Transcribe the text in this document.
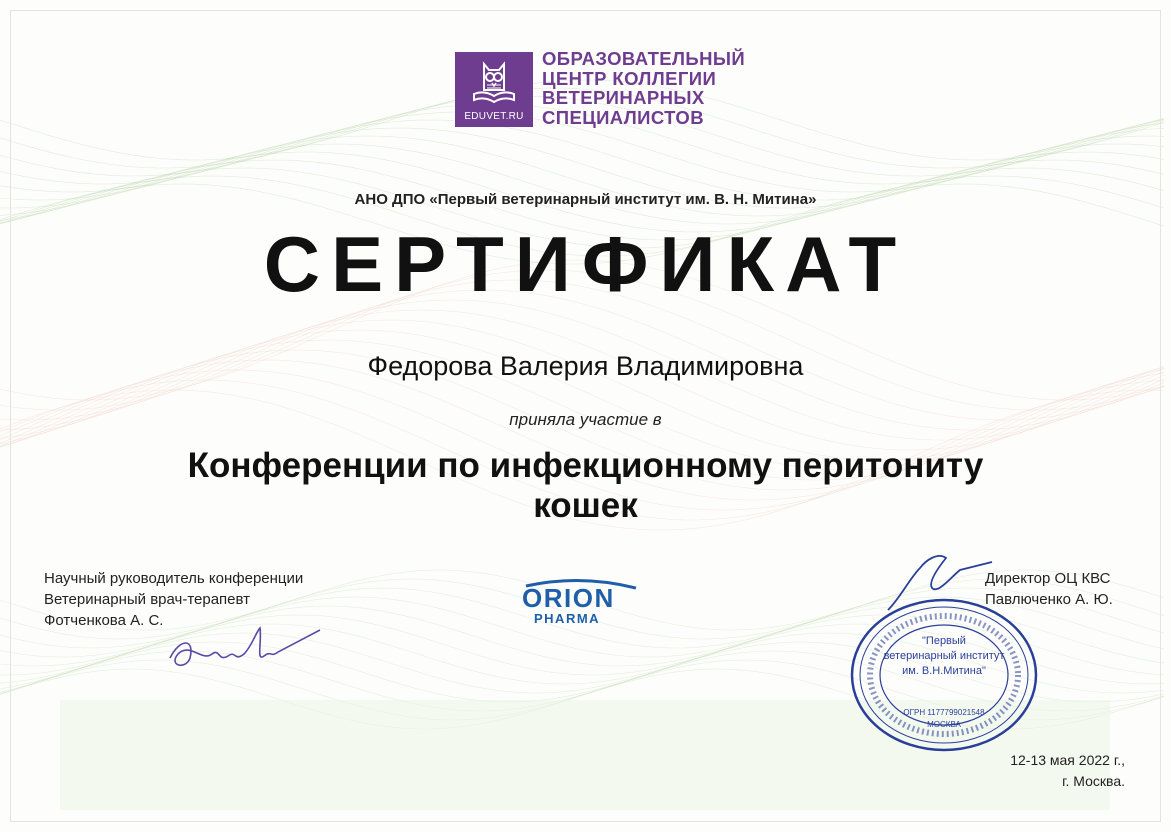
EDUVET.RU
ОБРАЗОВАТЕЛЬНЫЙ
ЦЕНТР КОЛЛЕГИИ
ВЕТЕРИНАРНЫХ
СПЕЦИАЛИСТОВ
АНО ДПО «Первый ветеринарный институт им. В. Н. Митина»
СЕРТИФИКАТ
Федорова Валерия Владимировна
приняла участие в
Конференции по инфекционному перитониту
кошек
Научный руководитель конференции
Ветеринарный врач-терапевт
Фотченкова А. С.
ORION
PHARMA
Директор ОЦ КВС
Павлюченко А. Ю.
"Первый
ветеринарный институт
им. В.Н.Митина"
ОГРН 1177799021548
МОСКВА
12-13 мая 2022 г.,
г. Москва.
